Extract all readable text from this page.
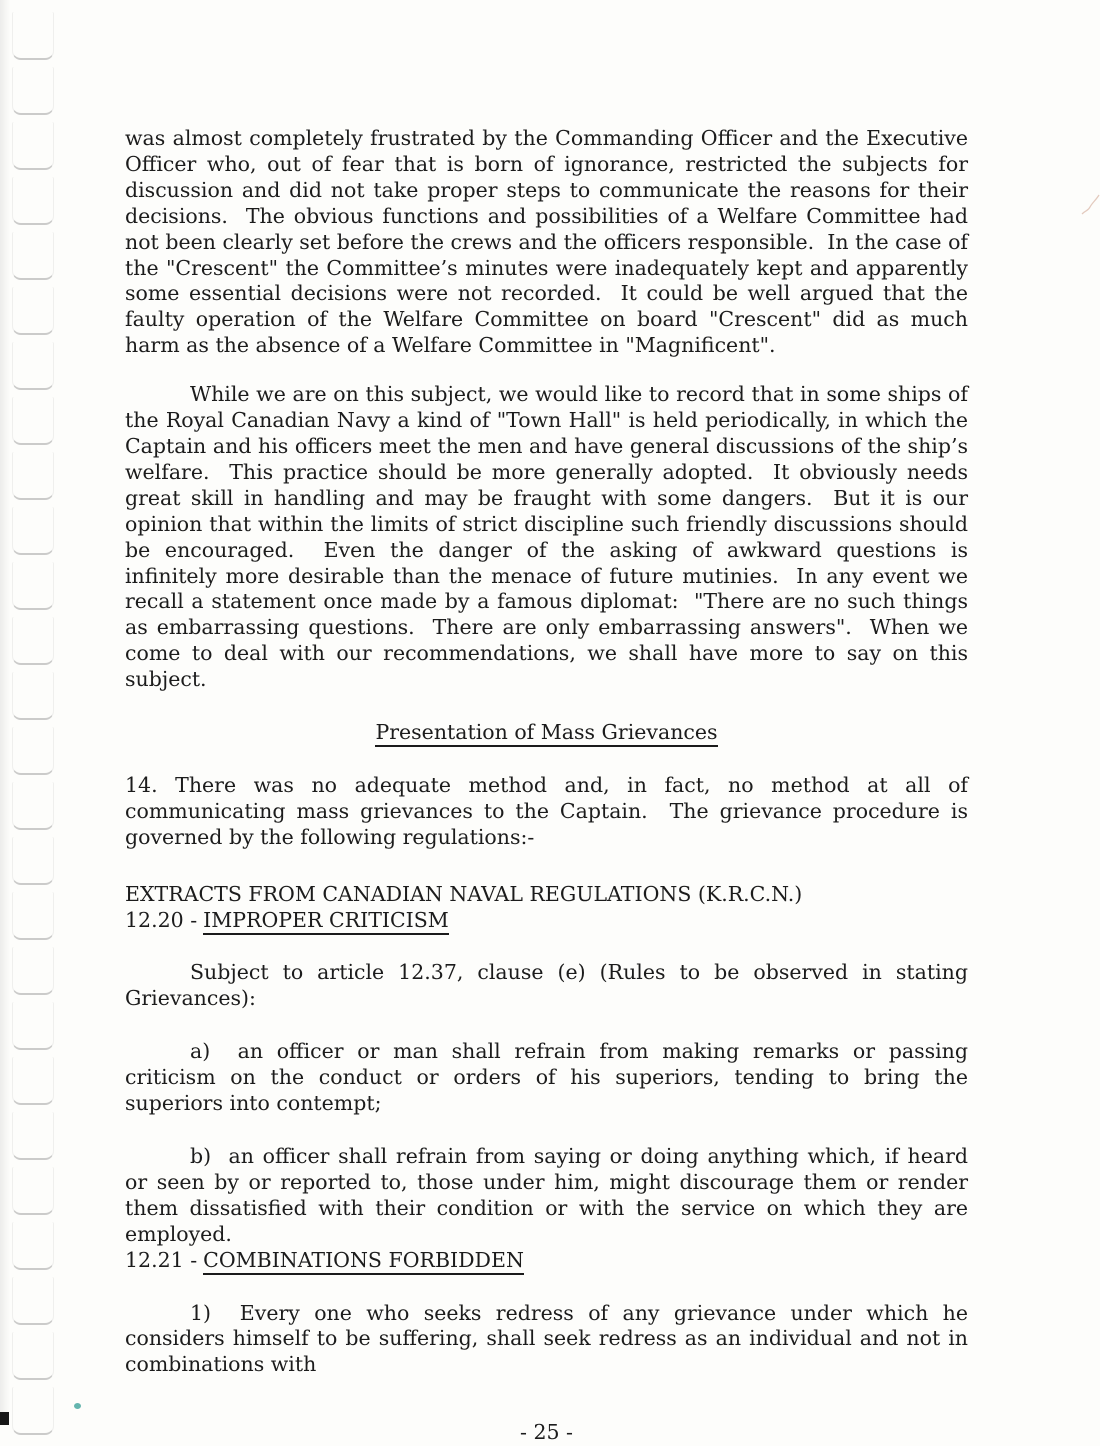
was almost completely frustrated by the Commanding Officer and the Executive Officer who, out of fear that is born of ignorance, restricted the subjects for discussion and did not take proper steps to communicate the reasons for their decisions.  The obvious functions and possibilities of a Welfare Committee had not been clearly set before the crews and the officers responsible.  In the case of the "Crescent" the Committee’s minutes were inadequately kept and apparently some essential decisions were not recorded.  It could be well argued that the faulty operation of the Welfare Committee on board "Crescent" did as much harm as the absence of a Welfare Committee in "Magnificent".

While we are on this subject, we would like to record that in some ships of the Royal Canadian Navy a kind of "Town Hall" is held periodically, in which the Captain and his officers meet the men and have general discussions of the ship’s welfare.  This practice should be more generally adopted.  It obviously needs great skill in handling and may be fraught with some dangers.  But it is our opinion that within the limits of strict discipline such friendly discussions should be encouraged.  Even the danger of the asking of awkward questions is infinitely more desirable than the menace of future mutinies.  In any event we recall a statement once made by a famous diplomat:  "There are no such things as embarrassing questions.  There are only embarrassing answers".  When we come to deal with our recommendations, we shall have more to say on this subject.

Presentation of Mass Grievances

14. There was no adequate method and, in fact, no method at all of communicating mass grievances to the Captain.  The grievance procedure is governed by the following regulations:-

EXTRACTS FROM CANADIAN NAVAL REGULATIONS (K.R.C.N.)

12.20 - IMPROPER CRITICISM

Subject to article 12.37, clause (e) (Rules to be observed in stating Grievances):

a)  an officer or man shall refrain from making remarks or passing criticism on the conduct or orders of his superiors, tending to bring the superiors into contempt;

b)  an officer shall refrain from saying or doing anything which, if heard or seen by or reported to, those under him, might discourage them or render them dissatisfied with their condition or with the service on which they are employed.

12.21 - COMBINATIONS FORBIDDEN

1)  Every one who seeks redress of any grievance under which he considers himself to be suffering, shall seek redress as an individual and not in combinations with

- 25 -
